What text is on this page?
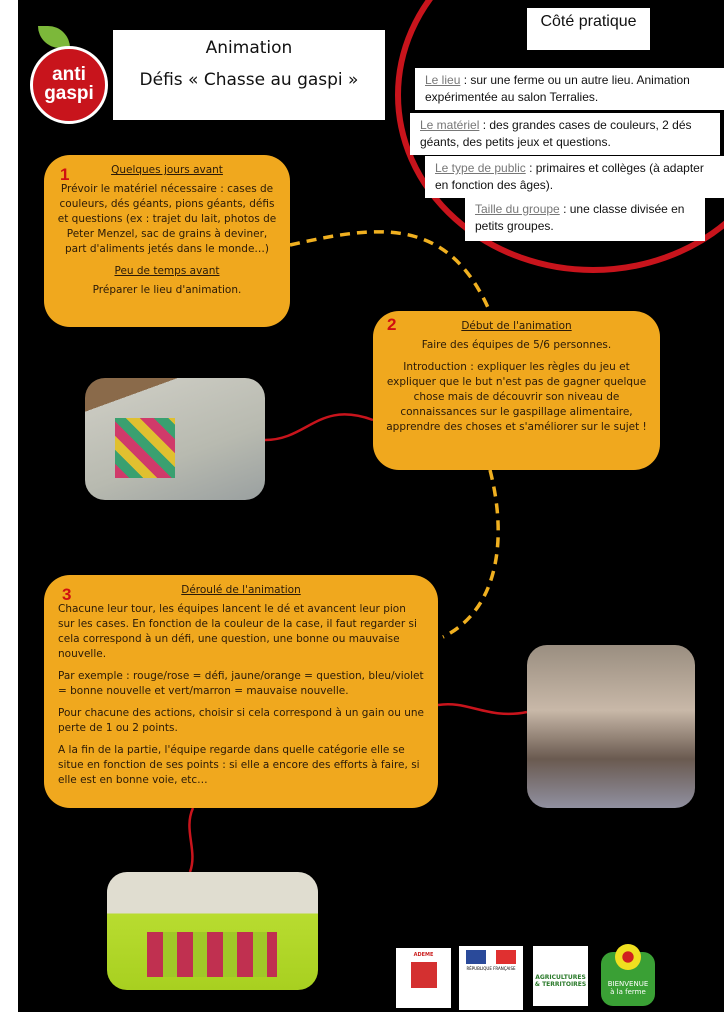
anti
gaspi
Animation
Défis « Chasse au gaspi »
Côté pratique
Le lieu : sur une ferme ou un autre lieu. Animation expérimentée au salon Terralies.
Le matériel : des grandes cases de couleurs, 2 dés géants, des petits jeux et questions.
Le type de public : primaires et collèges (à adapter en fonction des âges).
Taille du groupe : une classe divisée en petits groupes.
1	Quelques jours avant

Prévoir le matériel nécessaire : cases de couleurs, dés géants, pions géants, défis et questions (ex : trajet du lait, photos de Peter Menzel, sac de grains à deviner, part d'aliments jetés dans le monde…)

Peu de temps avant

Préparer le lieu d'animation.

2	Début de l'animation

Faire des équipes de 5/6 personnes.

Introduction : expliquer les règles du jeu et expliquer que le but n'est pas de gagner quelque chose mais de découvrir son niveau de connaissances sur le gaspillage alimentaire, apprendre des choses et s'améliorer sur le sujet !

3	Déroulé de l'animation

Chacune leur tour, les équipes lancent le dé et avancent leur pion sur les cases. En fonction de la couleur de la case, il faut regarder si cela correspond à un défi, une question, une bonne ou mauvaise nouvelle.

Par exemple : rouge/rose = défi, jaune/orange = question, bleu/violet = bonne nouvelle et vert/marron = mauvaise nouvelle.

Pour chacune des actions, choisir si cela correspond à un gain ou une perte de 1 ou 2 points.

A la fin de la partie, l'équipe regarde dans quelle catégorie elle se situe en fonction de ses points : si elle a encore des efforts à faire, si elle est en bonne voie, etc…

ADEME
RÉPUBLIQUE FRANÇAISE
AGRICULTURES
& TERRITOIRES	BIENVENUE
à la ferme
